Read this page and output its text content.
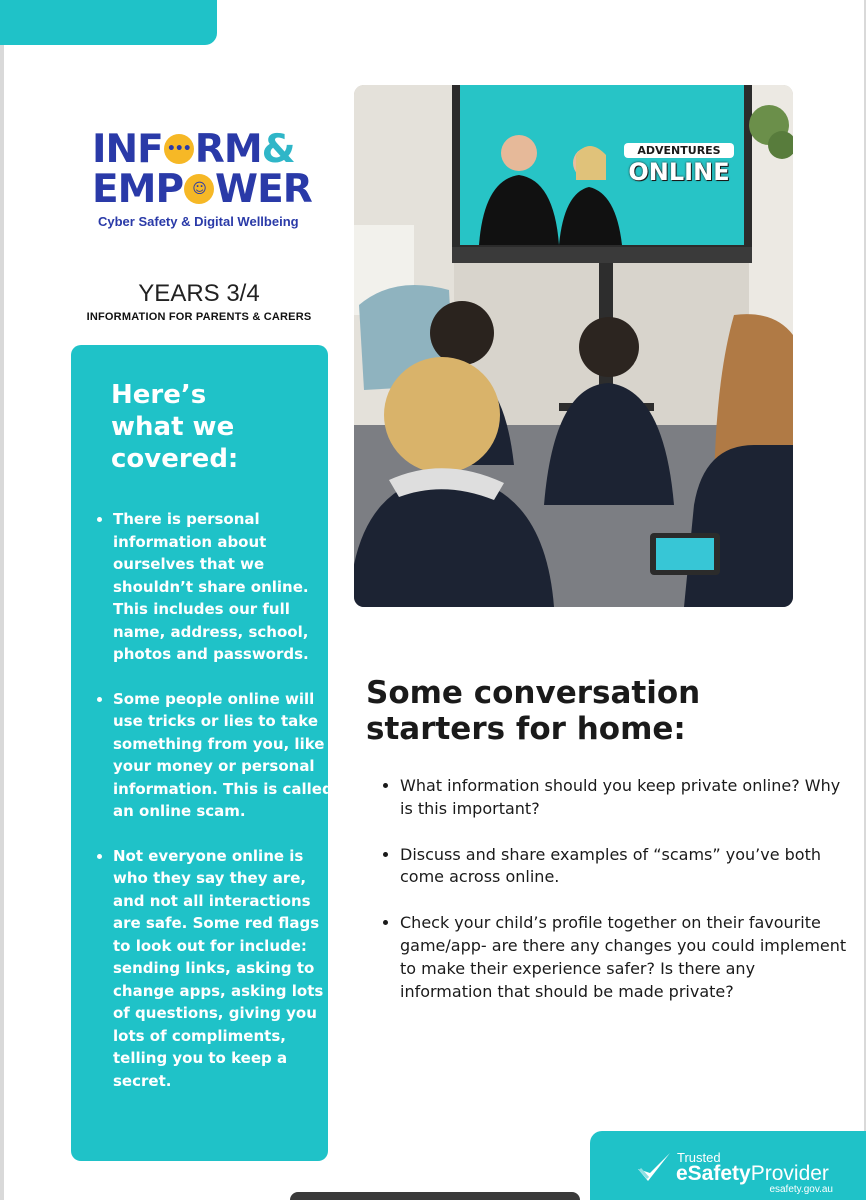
INF ••• RM&
EMP ☺ WER
Cyber Safety & Digital Wellbeing
YEARS 3/4
INFORMATION FOR PARENTS & CARERS
Here’s
what we
covered:
• There is personal information about ourselves that we shouldn’t share online. This includes our full name, address, school, photos and passwords.
• Some people online will use tricks or lies to take something from you, like your money or personal information. This is called an online scam.
• Not everyone online is who they say they are, and not all interactions are safe. Some red flags to look out for include: sending links, asking to change apps, asking lots of questions, giving you lots of compliments, telling you to keep a secret.
ADVENTURES
ONLINE
Some conversation
starters for home:
• What information should you keep private online? Why is this important?
• Discuss and share examples of “scams” you’ve both come across online.
• Check your child’s profile together on their favourite game/app- are there any changes you could implement to make their experience safer? Is there any information that should be made private?
Trusted
eSafetyProvider
esafety.gov.au
